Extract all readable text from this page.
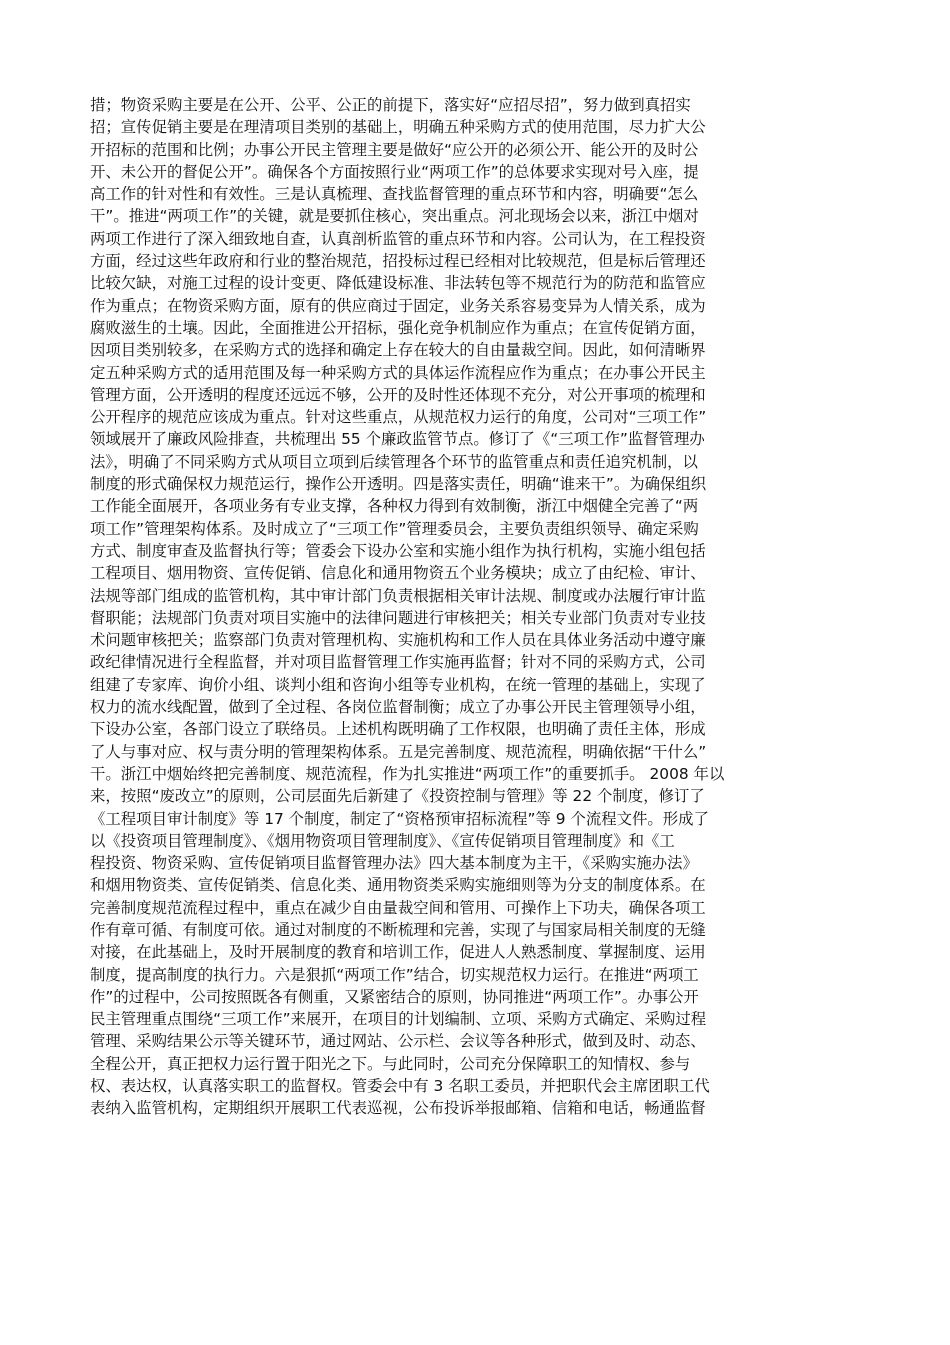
措；物资采购主要是在公开、公平、公正的前提下，落实好“应招尽招”，努力做到真招实
招；宣传促销主要是在理清项目类别的基础上，明确五种采购方式的使用范围，尽力扩大公
开招标的范围和比例；办事公开民主管理主要是做好“应公开的必须公开、能公开的及时公
开、未公开的督促公开”。确保各个方面按照行业“两项工作”的总体要求实现对号入座，提
高工作的针对性和有效性。三是认真梳理、查找监督管理的重点环节和内容，明确要“怎么
干”。推进“两项工作”的关键，就是要抓住核心，突出重点。河北现场会以来，浙江中烟对
两项工作进行了深入细致地自查，认真剖析监管的重点环节和内容。公司认为，在工程投资
方面，经过这些年政府和行业的整治规范，招投标过程已经相对比较规范，但是标后管理还
比较欠缺，对施工过程的设计变更、降低建设标准、非法转包等不规范行为的防范和监管应
作为重点；在物资采购方面，原有的供应商过于固定，业务关系容易变异为人情关系，成为
腐败滋生的土壤。因此，全面推进公开招标，强化竞争机制应作为重点；在宣传促销方面，
因项目类别较多，在采购方式的选择和确定上存在较大的自由量裁空间。因此，如何清晰界
定五种采购方式的适用范围及每一种采购方式的具体运作流程应作为重点；在办事公开民主
管理方面，公开透明的程度还远远不够，公开的及时性还体现不充分，对公开事项的梳理和
公开程序的规范应该成为重点。针对这些重点，从规范权力运行的角度，公司对“三项工作”
领域展开了廉政风险排查，共梳理出 55 个廉政监管节点。修订了《“三项工作”监督管理办
法》，明确了不同采购方式从项目立项到后续管理各个环节的监管重点和责任追究机制，以
制度的形式确保权力规范运行，操作公开透明。四是落实责任，明确“谁来干”。为确保组织
工作能全面展开，各项业务有专业支撑，各种权力得到有效制衡，浙江中烟健全完善了“两
项工作”管理架构体系。及时成立了“三项工作”管理委员会，主要负责组织领导、确定采购
方式、制度审查及监督执行等；管委会下设办公室和实施小组作为执行机构，实施小组包括
工程项目、烟用物资、宣传促销、信息化和通用物资五个业务模块；成立了由纪检、审计、
法规等部门组成的监管机构，其中审计部门负责根据相关审计法规、制度或办法履行审计监
督职能；法规部门负责对项目实施中的法律问题进行审核把关；相关专业部门负责对专业技
术问题审核把关；监察部门负责对管理机构、实施机构和工作人员在具体业务活动中遵守廉
政纪律情况进行全程监督，并对项目监督管理工作实施再监督；针对不同的采购方式，公司
组建了专家库、询价小组、谈判小组和咨询小组等专业机构，在统一管理的基础上，实现了
权力的流水线配置，做到了全过程、各岗位监督制衡；成立了办事公开民主管理领导小组，
下设办公室，各部门设立了联络员。上述机构既明确了工作权限，也明确了责任主体，形成
了人与事对应、权与责分明的管理架构体系。五是完善制度、规范流程，明确依据“干什么”
干。浙江中烟始终把完善制度、规范流程，作为扎实推进“两项工作”的重要抓手。 2008 年以
来，按照“废改立”的原则，公司层面先后新建了《投资控制与管理》等 22 个制度，修订了
《工程项目审计制度》等 17 个制度，制定了“资格预审招标流程”等 9 个流程文件。形成了
以《投资项目管理制度》、《烟用物资项目管理制度》、《宣传促销项目管理制度》和《工
程投资、物资采购、宣传促销项目监督管理办法》四大基本制度为主干，《采购实施办法》
和烟用物资类、宣传促销类、信息化类、通用物资类采购实施细则等为分支的制度体系。在
完善制度规范流程过程中，重点在减少自由量裁空间和管用、可操作上下功夫，确保各项工
作有章可循、有制度可依。通过对制度的不断梳理和完善，实现了与国家局相关制度的无缝
对接，在此基础上，及时开展制度的教育和培训工作，促进人人熟悉制度、掌握制度、运用
制度，提高制度的执行力。六是狠抓“两项工作”结合，切实规范权力运行。在推进“两项工
作”的过程中，公司按照既各有侧重，又紧密结合的原则，协同推进“两项工作”。办事公开
民主管理重点围绕“三项工作”来展开，在项目的计划编制、立项、采购方式确定、采购过程
管理、采购结果公示等关键环节，通过网站、公示栏、会议等各种形式，做到及时、动态、
全程公开，真正把权力运行置于阳光之下。与此同时，公司充分保障职工的知情权、参与
权、表达权，认真落实职工的监督权。管委会中有 3 名职工委员，并把职代会主席团职工代
表纳入监管机构，定期组织开展职工代表巡视，公布投诉举报邮箱、信箱和电话，畅通监督
